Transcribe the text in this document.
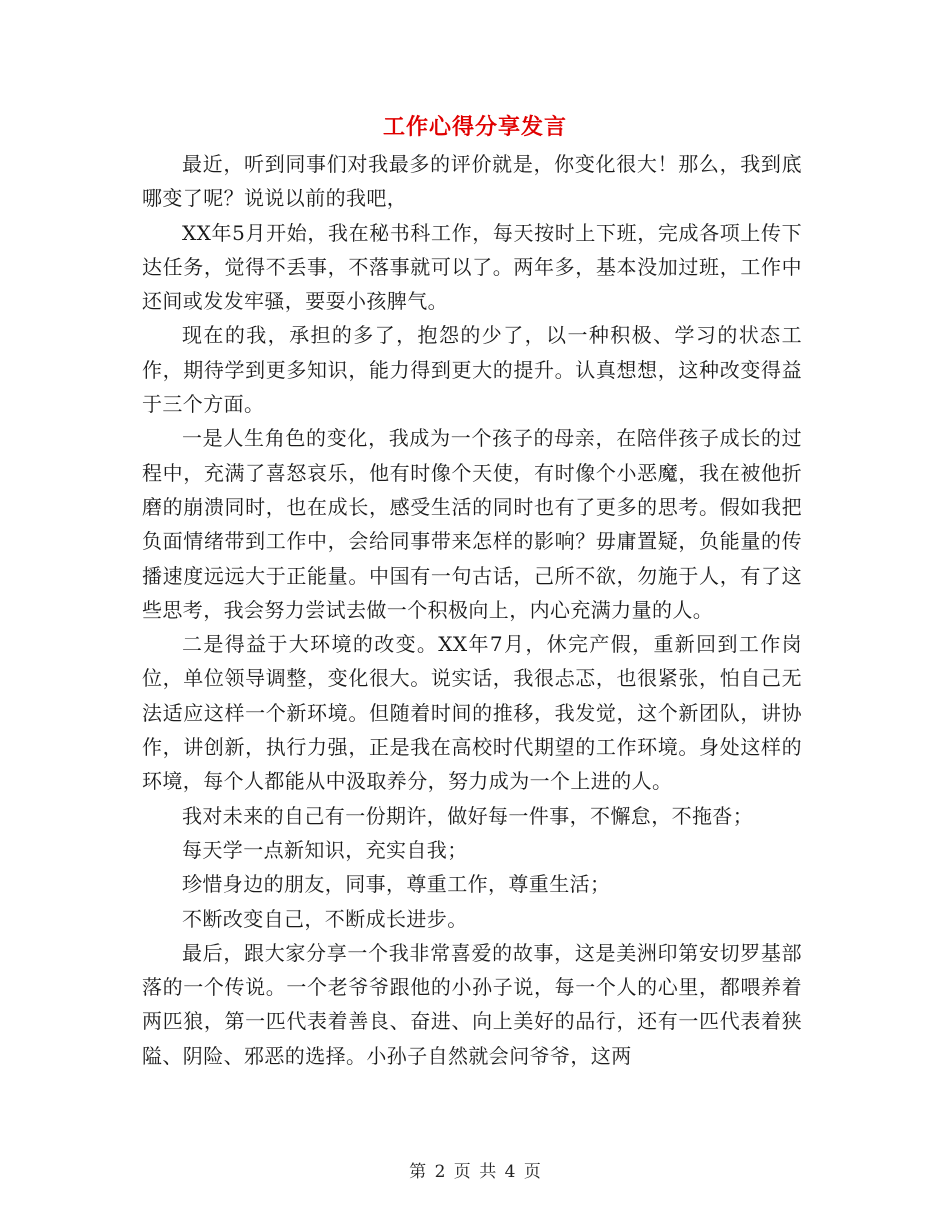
工作心得分享发言

最近，听到同事们对我最多的评价就是，你变化很大！那么，我到底哪变了呢？说说以前的我吧，

XX年5月开始，我在秘书科工作，每天按时上下班，完成各项上传下达任务，觉得不丢事，不落事就可以了。两年多，基本没加过班，工作中还间或发发牢骚，要耍小孩脾气。

现在的我，承担的多了，抱怨的少了，以一种积极、学习的状态工作，期待学到更多知识，能力得到更大的提升。认真想想，这种改变得益于三个方面。

一是人生角色的变化，我成为一个孩子的母亲，在陪伴孩子成长的过程中，充满了喜怒哀乐，他有时像个天使，有时像个小恶魔，我在被他折磨的崩溃同时，也在成长，感受生活的同时也有了更多的思考。假如我把负面情绪带到工作中，会给同事带来怎样的影响？毋庸置疑，负能量的传播速度远远大于正能量。中国有一句古话，己所不欲，勿施于人，有了这些思考，我会努力尝试去做一个积极向上，内心充满力量的人。

二是得益于大环境的改变。XX年7月，休完产假，重新回到工作岗位，单位领导调整，变化很大。说实话，我很忐忑，也很紧张，怕自己无法适应这样一个新环境。但随着时间的推移，我发觉，这个新团队，讲协作，讲创新，执行力强，正是我在高校时代期望的工作环境。身处这样的环境，每个人都能从中汲取养分，努力成为一个上进的人。

我对未来的自己有一份期许，做好每一件事，不懈怠，不拖沓；

每天学一点新知识，充实自我；

珍惜身边的朋友，同事，尊重工作，尊重生活；

不断改变自己，不断成长进步。

最后，跟大家分享一个我非常喜爱的故事，这是美洲印第安切罗基部落的一个传说。一个老爷爷跟他的小孙子说，每一个人的心里，都喂养着两匹狼，第一匹代表着善良、奋进、向上美好的品行，还有一匹代表着狭隘、阴险、邪恶的选择。小孙子自然就会问爷爷，这两

第 2 页 共 4 页
